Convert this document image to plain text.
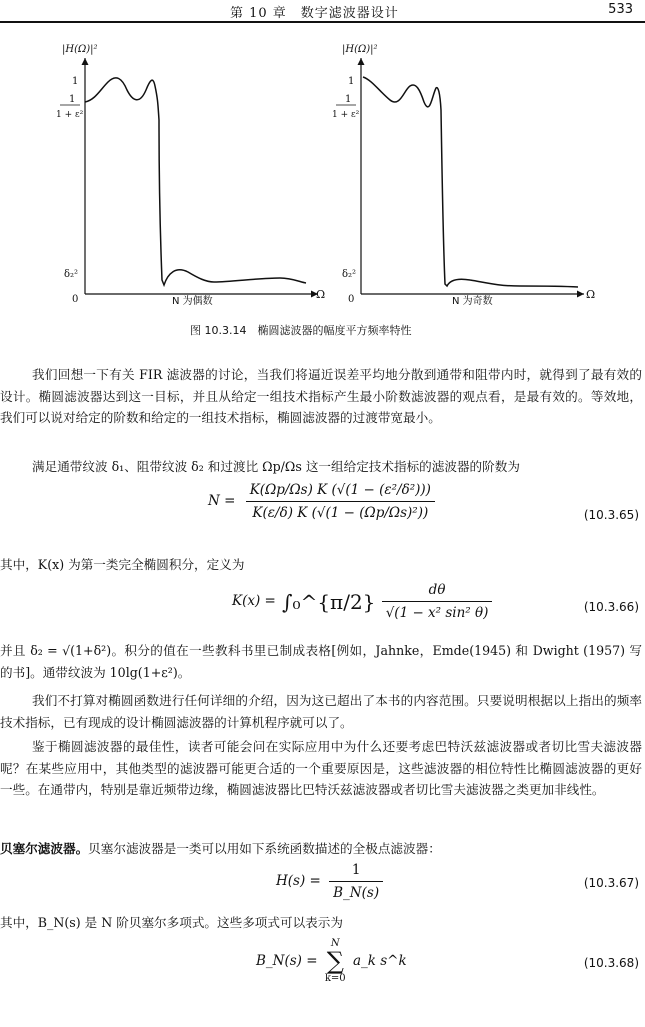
第 10 章　数字滤波器设计	533
|H(Ω)|²
1
1
1 + ε²
δ₂²
0	N 为偶数
Ω
|H(Ω)|²
1
1
1 + ε²
δ₂²
0	N 为奇数
Ω
图 10.3.14　椭圆滤波器的幅度平方频率特性
我们回想一下有关 FIR 滤波器的讨论，当我们将逼近误差平均地分散到通带和阻带内时，就得到了最有效的设计。椭圆滤波器达到这一目标，并且从给定一组技术指标产生最小阶数滤波器的观点看，是最有效的。等效地，我们可以说对给定的阶数和给定的一组技术指标，椭圆滤波器的过渡带宽最小。
满足通带纹波 δ₁、阻带纹波 δ₂ 和过渡比 Ωp/Ωs 这一组给定技术指标的滤波器的阶数为
$N = \frac{\text{K(Ωp/Ωs) K (√(1 − (ε²/δ²)))}}{\text{K(ε/δ) K (√(1 − (Ωp/Ωs)²))}}$	(10.3.65)
其中，K(x) 为第一类完全椭圆积分，定义为
K(x) = ∫₀^{π/2} $\frac{d\theta}{\text{√(1 − x² sin² θ)}}$	(10.3.66)
并且 δ₂ = √(1+δ²)。积分的值在一些教科书里已制成表格[例如，Jahnke，Emde(1945) 和 Dwight (1957) 写的书]。通带纹波为 10lg(1+ε²)。
我们不打算对椭圆函数进行任何详细的介绍，因为这已超出了本书的内容范围。只要说明根据以上指出的频率技术指标，已有现成的设计椭圆滤波器的计算机程序就可以了。
鉴于椭圆滤波器的最佳性，读者可能会问在实际应用中为什么还要考虑巴特沃兹滤波器或者切比雪夫滤波器呢？在某些应用中，其他类型的滤波器可能更合适的一个重要原因是，这些滤波器的相位特性比椭圆滤波器的更好一些。在通带内，特别是靠近频带边缘，椭圆滤波器比巴特沃兹滤波器或者切比雪夫滤波器之类更加非线性。
贝塞尔滤波器。贝塞尔滤波器是一类可以用如下系统函数描述的全极点滤波器：
$H(s) = \frac{1}{B\_N(s)}$	(10.3.67)
其中，B_N(s) 是 N 阶贝塞尔多项式。这些多项式可以表示为
B_N(s) =
N
∑
k=0
a_k s^k	(10.3.68)
